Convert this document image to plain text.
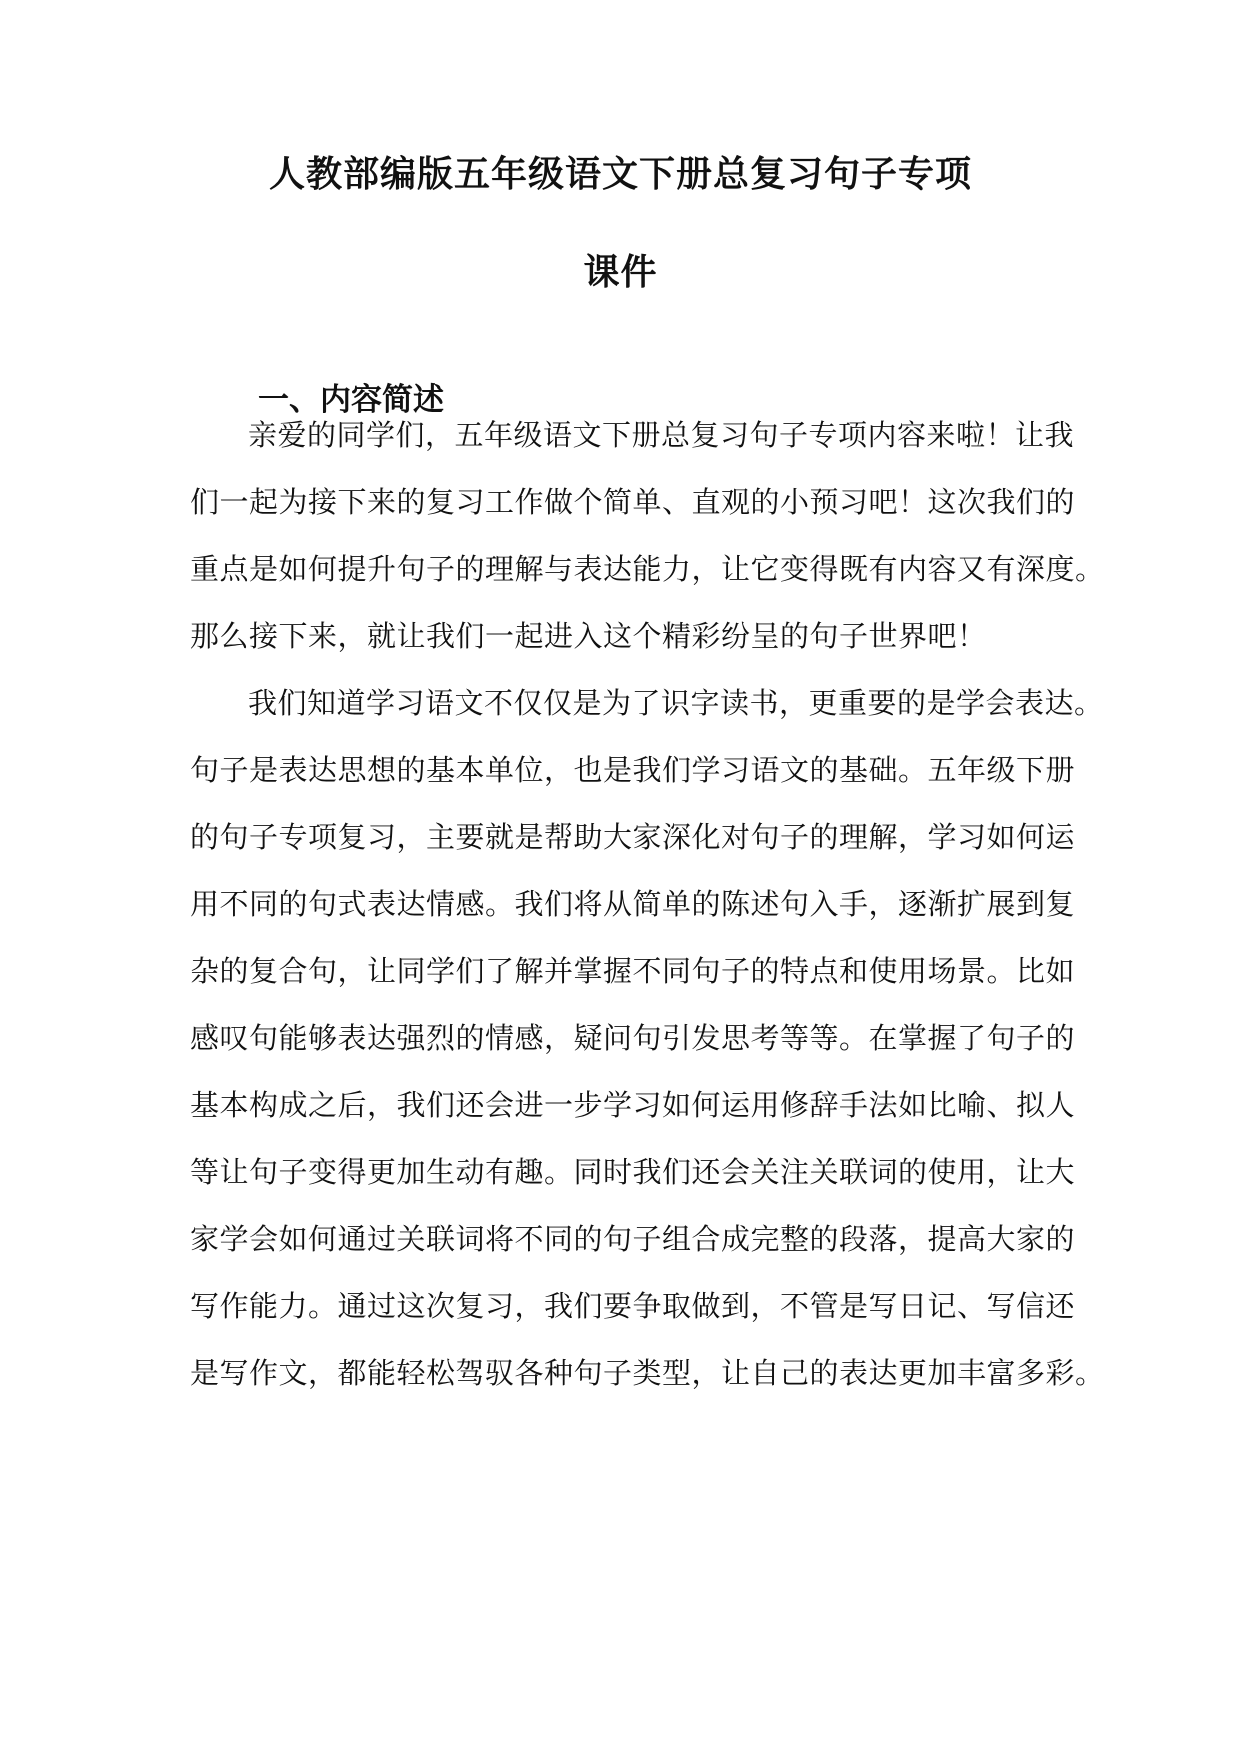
人教部编版五年级语文下册总复习句子专项
课件
一、内容简述
亲爱的同学们，五年级语文下册总复习句子专项内容来啦！让我
们一起为接下来的复习工作做个简单、直观的小预习吧！这次我们的
重点是如何提升句子的理解与表达能力，让它变得既有内容又有深度。
那么接下来，就让我们一起进入这个精彩纷呈的句子世界吧！
我们知道学习语文不仅仅是为了识字读书，更重要的是学会表达。
句子是表达思想的基本单位，也是我们学习语文的基础。五年级下册
的句子专项复习，主要就是帮助大家深化对句子的理解，学习如何运
用不同的句式表达情感。我们将从简单的陈述句入手，逐渐扩展到复
杂的复合句，让同学们了解并掌握不同句子的特点和使用场景。比如
感叹句能够表达强烈的情感，疑问句引发思考等等。在掌握了句子的
基本构成之后，我们还会进一步学习如何运用修辞手法如比喻、拟人
等让句子变得更加生动有趣。同时我们还会关注关联词的使用，让大
家学会如何通过关联词将不同的句子组合成完整的段落，提高大家的
写作能力。通过这次复习，我们要争取做到，不管是写日记、写信还
是写作文，都能轻松驾驭各种句子类型，让自己的表达更加丰富多彩。
